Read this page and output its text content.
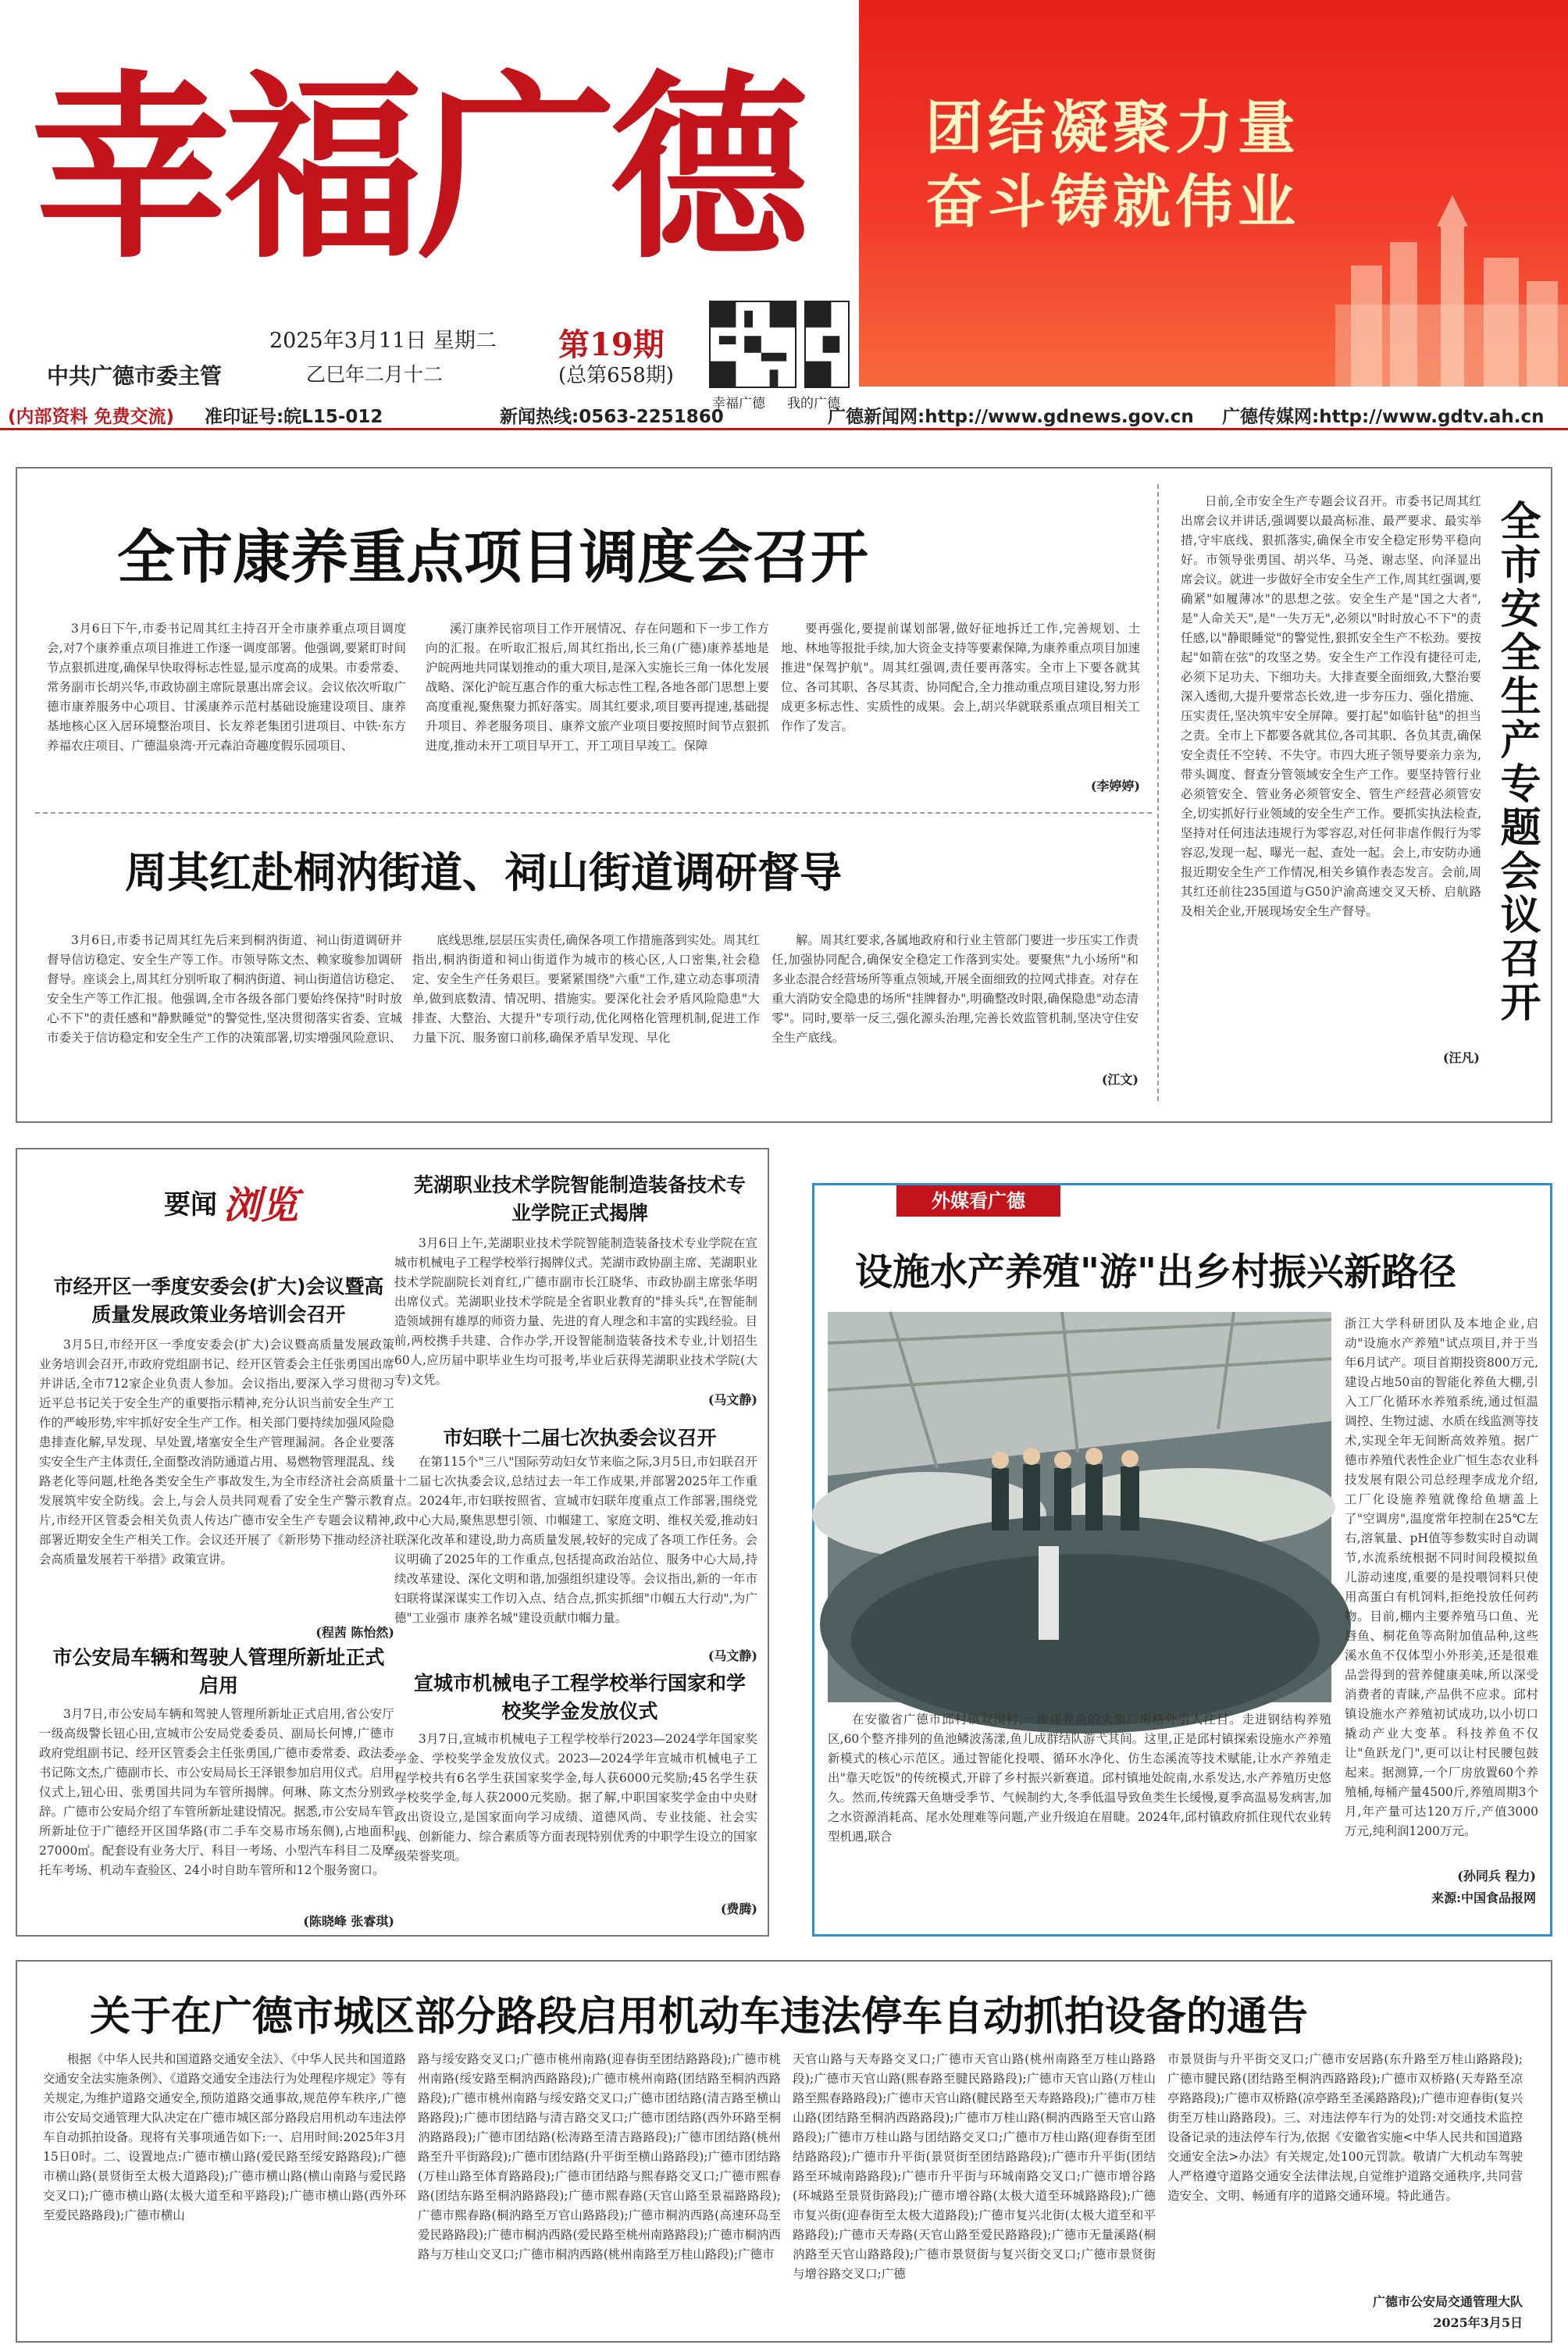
幸福广德
中共广德市委主管
2025年3月11日 星期二
乙巳年二月十二
第19期
(总第658期)
幸福广德 我的广德
团结凝聚力量
奋斗铸就伟业
(内部资料 免费交流) 准印证号:皖L15-012	新闻热线:0563-2251860	广德新闻网:http://www.gdnews.gov.cn 广德传媒网:http://www.gdtv.ah.cn
全市康养重点项目调度会召开
3月6日下午,市委书记周其红主持召开全市康养重点项目调度会,对7个康养重点项目推进工作逐一调度部署。他强调,要紧盯时间节点狠抓进度,确保早快取得标志性显,显示度高的成果。市委常委、常务副市长胡兴华,市政协副主席阮景惠出席会议。会议依次听取广德市康养服务中心项目、甘溪康养示范村基础设施建设项目、康养基地核心区入居环境整治项目、长友养老集团引进项目、中铁·东方养福农庄项目、广德温泉湾·开元森泊奇趣度假乐园项目、
溪汀康养民宿项目工作开展情况、存在问题和下一步工作方向的汇报。在听取汇报后,周其红指出,长三角(广德)康养基地是沪皖两地共同谋划推动的重大项目,是深入实施长三角一体化发展战略、深化沪皖互惠合作的重大标志性工程,各地各部门思想上要高度重视,聚焦聚力抓好落实。周其红要求,项目要再提速,基础提升项目、养老服务项目、康养文旅产业项目要按照时间节点狠抓进度,推动未开工项目早开工、开工项目早竣工。保障
要再强化,要提前谋划部署,做好征地拆迁工作,完善规划、土地、林地等报批手续,加大资金支持等要素保障,为康养重点项目加速推进"保驾护航"。周其红强调,责任要再落实。全市上下要各就其位、各司其职、各尽其责、协同配合,全力推动重点项目建设,努力形成更多标志性、实质性的成果。会上,胡兴华就联系重点项目相关工作作了发言。
(李婷婷)
周其红赴桐汭街道、祠山街道调研督导
3月6日,市委书记周其红先后来到桐汭街道、祠山街道调研并督导信访稳定、安全生产等工作。市领导陈文杰、赖家璇参加调研督导。座谈会上,周其红分别听取了桐汭街道、祠山街道信访稳定、安全生产等工作汇报。他强调,全市各级各部门要始终保持"时时放心不下"的责任感和"静默睡觉"的警觉性,坚决贯彻落实省委、宣城市委关于信访稳定和安全生产工作的决策部署,切实增强风险意识、
底线思维,层层压实责任,确保各项工作措施落到实处。周其红指出,桐汭街道和祠山街道作为城市的核心区,人口密集,社会稳定、安全生产任务艰巨。要紧紧围绕"六重"工作,建立动态事项清单,做到底数清、情况明、措施实。要深化社会矛盾风险隐患"大排查、大整治、大提升"专项行动,优化网格化管理机制,促进工作力量下沉、服务窗口前移,确保矛盾早发现、早化
解。周其红要求,各属地政府和行业主管部门要进一步压实工作责任,加强协同配合,确保安全稳定工作落到实处。要聚焦"九小场所"和多业态混合经营场所等重点领域,开展全面细致的拉网式排查。对存在重大消防安全隐患的场所"挂牌督办",明确整改时限,确保隐患"动态清零"。同时,要举一反三,强化源头治理,完善长效监管机制,坚决守住安全生产底线。
(江文)
日前,全市安全生产专题会议召开。市委书记周其红出席会议并讲话,强调要以最高标准、最严要求、最实举措,守牢底线、狠抓落实,确保全市安全稳定形势平稳向好。市领导张勇国、胡兴华、马尧、谢志坚、向泽显出席会议。就进一步做好全市安全生产工作,周其红强调,要确紧"如履薄冰"的思想之弦。安全生产是"国之大者",是"人命关天",是"一失万无",必须以"时时放心不下"的责任感,以"静眼睡觉"的警觉性,狠抓安全生产不松劲。要按起"如箭在弦"的攻坚之势。安全生产工作没有捷径可走,必须下足功夫、下细功夫。大排查要全面细致,大整治要深入透彻,大提升要常态长效,进一步夯压力、强化措施、压实责任,坚决筑牢安全屏障。要打起"如临针毡"的担当之责。全市上下都要各就其位,各司其职、各负其责,确保安全责任不空转、不失守。市四大班子领导要亲力亲为,带头调度、督查分管领域安全生产工作。要坚持管行业必须管安全、管业务必须管安全、管生产经营必须管安全,切实抓好行业领域的安全生产工作。要抓实执法检查,坚持对任何违法违规行为零容忍,对任何非虐作假行为零容忍,发现一起、曝光一起、查处一起。会上,市安防办通报近期安全生产工作情况,相关乡镇作表态发言。会前,周其红还前往235国道与G50沪渝高速交叉天桥、启航路及相关企业,开展现场安全生产督导。
(汪凡)
全市安全生产专题会议召开
要闻 浏览
市经开区一季度安委会(扩大)会议暨高质量发展政策业务培训会召开
3月5日,市经开区一季度安委会(扩大)会议暨高质量发展政策业务培训会召开,市政府党组副书记、经开区管委会主任张勇国出席并讲话,全市712家企业负责人参加。会议指出,要深入学习贯彻习近平总书记关于安全生产的重要指示精神,充分认识当前安全生产工作的严峻形势,牢牢抓好安全生产工作。相关部门要持续加强风险隐患排查化解,早发现、早处置,堵塞安全生产管理漏洞。各企业要落实安全生产主体责任,全面整改消防通道占用、易燃物管理混乱、线路老化等问题,杜绝各类安全生产事故发生,为全市经济社会高质量发展筑牢安全防线。会上,与会人员共同观看了安全生产警示教育片,市经开区管委会相关负责人传达广德市安全生产专题会议精神,部署近期安全生产相关工作。会议还开展了《新形势下推动经济社会高质量发展若干举措》政策宣讲。
(程茜 陈怡然)
市公安局车辆和驾驶人管理所新址正式启用
3月7日,市公安局车辆和驾驶人管理所新址正式启用,省公安厅一级高级警长钮心田,宣城市公安局党委委员、副局长何博,广德市政府党组副书记、经开区管委会主任张勇国,广德市委常委、政法委书记陈文杰,广德副市长、市公安局局长王泽银参加启用仪式。启用仪式上,钮心田、张勇国共同为车管所揭牌。何琳、陈文杰分别致辞。广德市公安局介绍了车管所新址建设情况。据悉,市公安局车管所新址位于广德经开区国华路(市二手车交易市场东侧),占地面积27000㎡。配套设有业务大厅、科目一考场、小型汽车科目二及摩托车考场、机动车查验区、24小时自助车管所和12个服务窗口。
(陈晓峰 张睿琪)
芜湖职业技术学院智能制造装备技术专业学院正式揭牌
3月6日上午,芜湖职业技术学院智能制造装备技术专业学院在宣城市机械电子工程学校举行揭牌仪式。芜湖市政协副主席、芜湖职业技术学院副院长刘育红,广德市副市长江晓华、市政协副主席张华明出席仪式。芜湖职业技术学院是全省职业教育的"排头兵",在智能制造领域拥有雄厚的师资力量、先进的育人理念和丰富的实践经验。目前,两校携手共建、合作办学,开设智能制造装备技术专业,计划招生60人,应历届中职毕业生均可报考,毕业后获得芜湖职业技术学院(大专)文凭。
(马文静)
市妇联十二届七次执委会议召开
在第115个"三八"国际劳动妇女节来临之际,3月5日,市妇联召开十二届七次执委会议,总结过去一年工作成果,并部署2025年工作重点。2024年,市妇联按照省、宣城市妇联年度重点工作部署,围绕党政中心大局,聚焦思想引领、巾帼建工、家庭文明、维权关爱,推动妇联深化改革和建设,助力高质量发展,较好的完成了各项工作任务。会议明确了2025年的工作重点,包括提高政治站位、服务中心大局,持续改革建设、深化文明和谐,加强组织建设等。会议指出,新的一年市妇联将谋深谋实工作切入点、结合点,抓实抓细"巾帼五大行动",为广德"工业强市 康养名城"建设贡献巾帼力量。
(马文静)
宣城市机械电子工程学校举行国家和学校奖学金发放仪式
3月7日,宣城市机械电子工程学校举行2023—2024学年国家奖学金、学校奖学金发放仪式。2023—2024学年宣城市机械电子工程学校共有6名学生获国家奖学金,每人获6000元奖励;45名学生获学校奖学金,每人获2000元奖励。据了解,中职国家奖学金由中央财政出资设立,是国家面向学习成绩、道德风尚、专业技能、社会实践、创新能力、综合素质等方面表现特别优秀的中职学生设立的国家级荣誉奖项。
(费腾)
外媒看广德
设施水产养殖"游"出乡村振兴新路径
浙江大学科研团队及本地企业,启动"设施水产养殖"试点项目,并于当年6月试产。项目首期投资800万元,建设占地50亩的智能化养鱼大棚,引入工厂化循环水养殖系统,通过恒温调控、生物过滤、水质在线监测等技术,实现全年无间断高效养殖。据广德市养殖代表性企业广恒生态农业科技发展有限公司总经理李成龙介绍,工厂化设施养殖就像给鱼塘盖上了"空调房",温度常年控制在25℃左右,溶氧量、pH值等参数实时自动调节,水流系统根据不同时间段模拟鱼儿游动速度,重要的是投喂饲料只使用高蛋白有机饲料,拒绝投放任何药物。目前,棚内主要养殖马口鱼、光唇鱼、桐花鱼等高附加值品种,这些溪水鱼不仅体型小外形美,还是很难品尝得到的营养健康美味,所以深受消费者的青睐,产品供不应求。邱村镇设施水产养殖初试成功,以小切口撬动产业大变革。科技养鱼不仅让"鱼跃龙门",更可以让村民腰包鼓起来。据测算,一个厂房放置60个养殖桶,每桶产量4500斤,养殖周期3个月,年产量可达120万斤,产值3000万元,纯利润1200万元。
在安徽省广德市邱村镇双岗村,一座座养鱼的大型厂房格外引人注目。走进钢结构养殖区,60个整齐排列的鱼池鳞波荡漾,鱼儿成群结队游弋其间。这里,正是邱村镇探索设施水产养殖新模式的核心示范区。通过智能化投喂、循环水净化、仿生态溪流等技术赋能,让水产养殖走出"靠天吃饭"的传统模式,开辟了乡村振兴新赛道。邱村镇地处皖南,水系发达,水产养殖历史悠久。然而,传统露天鱼塘受季节、气候制约大,冬季低温导致鱼类生长缓慢,夏季高温易发病害,加之水资源消耗高、尾水处理难等问题,产业升级迫在眉睫。2024年,邱村镇政府抓住现代农业转型机遇,联合
(孙同兵 程力)
来源:中国食品报网
关于在广德市城区部分路段启用机动车违法停车自动抓拍设备的通告
根据《中华人民共和国道路交通安全法》、《中华人民共和国道路交通安全法实施条例》、《道路交通安全违法行为处理程序规定》等有关规定,为维护道路交通安全,预防道路交通事故,规范停车秩序,广德市公安局交通管理大队决定在广德市城区部分路段启用机动车违法停车自动抓拍设备。现将有关事项通告如下:一、启用时间:2025年3月15日0时。二、设置地点:广德市横山路(爱民路至绥安路路段);广德市横山路(景贤街至太极大道路段);广德市横山路(横山南路与爱民路交叉口);广德市横山路(太极大道至和平路段);广德市横山路(西外环至爱民路路段);广德市横山
路与绥安路交叉口;广德市桃州南路(迎春街至团结路路段);广德市桃州南路(绥安路至桐汭西路路段);广德市桃州南路(团结路至桐汭西路路段);广德市桃州南路与绥安路交叉口;广德市团结路(清吉路至横山路路段);广德市团结路与清吉路交叉口;广德市团结路(西外环路至桐汭路路段);广德市团结路(松涛路至清吉路路段);广德市团结路(桃州路至升平街路段);广德市团结路(升平街至横山路路段);广德市团结路(万桂山路至体育路路段);广德市团结路与熙春路交叉口;广德市熙春路(团结东路至桐汭路路段);广德市熙春路(天官山路至景福路路段);广德市熙春路(桐汭路至万官山路路段);广德市桐汭西路(高速环岛至爱民路路段);广德市桐汭西路(爱民路至桃州南路路段);广德市桐汭西路与万桂山交叉口;广德市桐汭西路(桃州南路至万桂山路段);广德市
天官山路与天寿路交叉口;广德市天官山路(桃州南路至万桂山路路段);广德市天官山路(熙春路至腱民路路段);广德市天官山路(万桂山路至熙春路路段);广德市天官山路(腱民路至天寿路路段);广德市万桂山路(团结路至桐汭西路路段);广德市万桂山路(桐汭西路至天官山路路段);广德市万桂山路与团结路交叉口;广德市万桂山路(迎春街至团结路路段);广德市升平街(景贤街至团结路路段);广德市升平街(团结路至环城南路路段);广德市升平街与环城南路交叉口;广德市增谷路(环城路至景贤街路段);广德市增谷路(太极大道至环城路路段);广德市复兴街(迎春街至太极大道路段);广德市复兴北街(太极大道至和平路路段);广德市天寿路(天官山路至爱民路路段);广德市无量溪路(桐汭路至天官山路路段);广德市景贤街与复兴街交叉口;广德市景贤街与增谷路交叉口;广德
市景贤街与升平街交叉口;广德市安居路(东升路至万桂山路路段);广德市腱民路(团结路至桐汭西路路段);广德市双桥路(天寿路至凉亭路路段);广德市双桥路(凉亭路至圣溪路路段);广德市迎春街(复兴街至万桂山路路段)。三、对违法停车行为的处罚:对交通技术监控设备记录的违法停车行为,依据《安徽省实施<中华人民共和国道路交通安全法>办法》有关规定,处100元罚款。敬请广大机动车驾驶人严格遵守道路交通安全法律法规,自觉维护道路交通秩序,共同营造安全、文明、畅通有序的道路交通环境。特此通告。
广德市公安局交通管理大队
2025年3月5日
